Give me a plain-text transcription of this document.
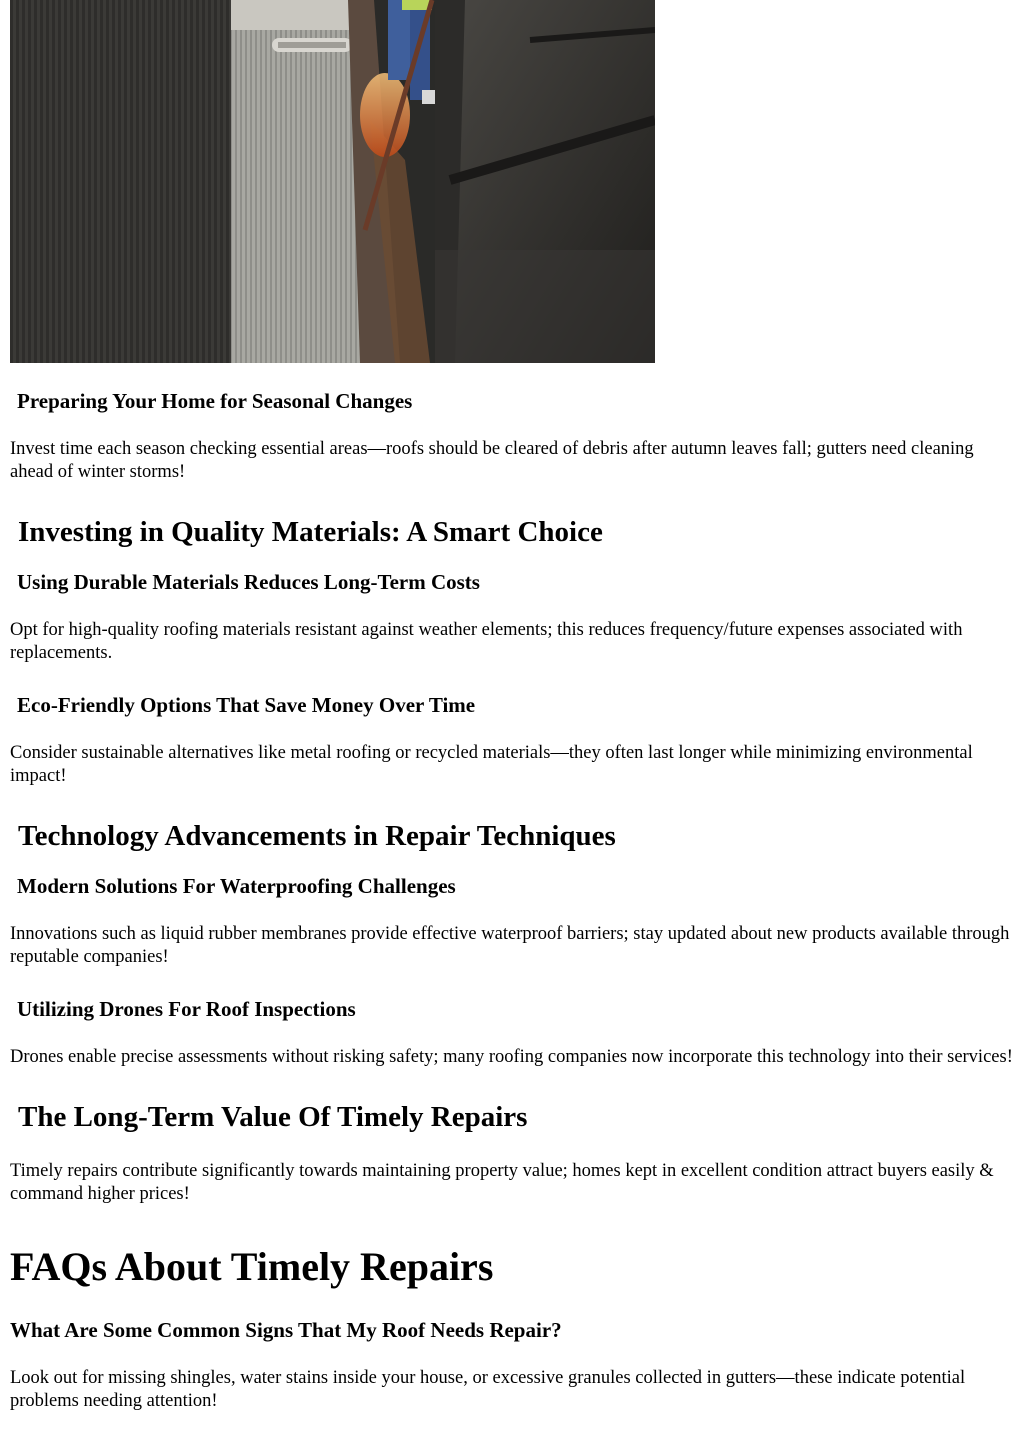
Preparing Your Home for Seasonal Changes

Invest time each season checking essential areas—roofs should be cleared of debris after autumn leaves fall; gutters need cleaning ahead of winter storms!

Investing in Quality Materials: A Smart Choice
Using Durable Materials Reduces Long-Term Costs

Opt for high-quality roofing materials resistant against weather elements; this reduces frequency/future expenses associated with replacements.

Eco-Friendly Options That Save Money Over Time

Consider sustainable alternatives like metal roofing or recycled materials—they often last longer while minimizing environmental impact!

Technology Advancements in Repair Techniques
Modern Solutions For Waterproofing Challenges

Innovations such as liquid rubber membranes provide effective waterproof barriers; stay updated about new products available through reputable companies!

Utilizing Drones For Roof Inspections

Drones enable precise assessments without risking safety; many roofing companies now incorporate this technology into their services!

The Long-Term Value Of Timely Repairs

Timely repairs contribute significantly towards maintaining property value; homes kept in excellent condition attract buyers easily & command higher prices!

FAQs About Timely Repairs
What Are Some Common Signs That My Roof Needs Repair?

Look out for missing shingles, water stains inside your house, or excessive granules collected in gutters—these indicate potential problems needing attention!
